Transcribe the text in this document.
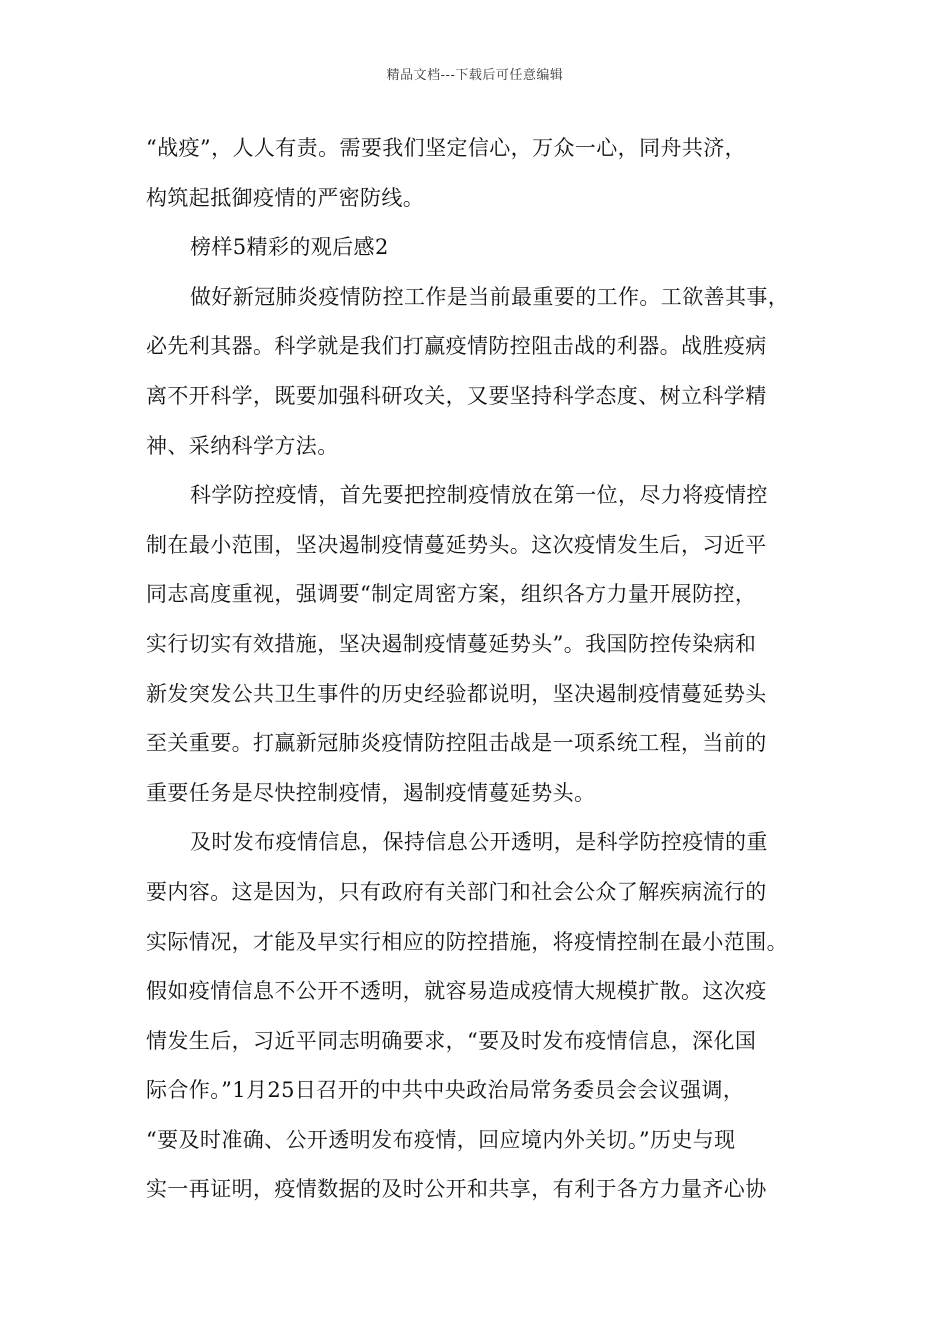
精品文档---下载后可任意编辑
“战疫”，人人有责。需要我们坚定信心，万众一心，同舟共济，
构筑起抵御疫情的严密防线。
榜样5精彩的观后感2
做好新冠肺炎疫情防控工作是当前最重要的工作。工欲善其事，
必先利其器。科学就是我们打赢疫情防控阻击战的利器。战胜疫病
离不开科学，既要加强科研攻关，又要坚持科学态度、树立科学精
神、采纳科学方法。
科学防控疫情，首先要把控制疫情放在第一位，尽力将疫情控
制在最小范围，坚决遏制疫情蔓延势头。这次疫情发生后，习近平
同志高度重视，强调要“制定周密方案，组织各方力量开展防控，
实行切实有效措施，坚决遏制疫情蔓延势头”。我国防控传染病和
新发突发公共卫生事件的历史经验都说明，坚决遏制疫情蔓延势头
至关重要。打赢新冠肺炎疫情防控阻击战是一项系统工程，当前的
重要任务是尽快控制疫情，遏制疫情蔓延势头。
及时发布疫情信息，保持信息公开透明，是科学防控疫情的重
要内容。这是因为，只有政府有关部门和社会公众了解疾病流行的
实际情况，才能及早实行相应的防控措施，将疫情控制在最小范围。
假如疫情信息不公开不透明，就容易造成疫情大规模扩散。这次疫
情发生后，习近平同志明确要求，“要及时发布疫情信息，深化国
际合作。”1月25日召开的中共中央政治局常务委员会会议强调，
“要及时准确、公开透明发布疫情，回应境内外关切。”历史与现
实一再证明，疫情数据的及时公开和共享，有利于各方力量齐心协
